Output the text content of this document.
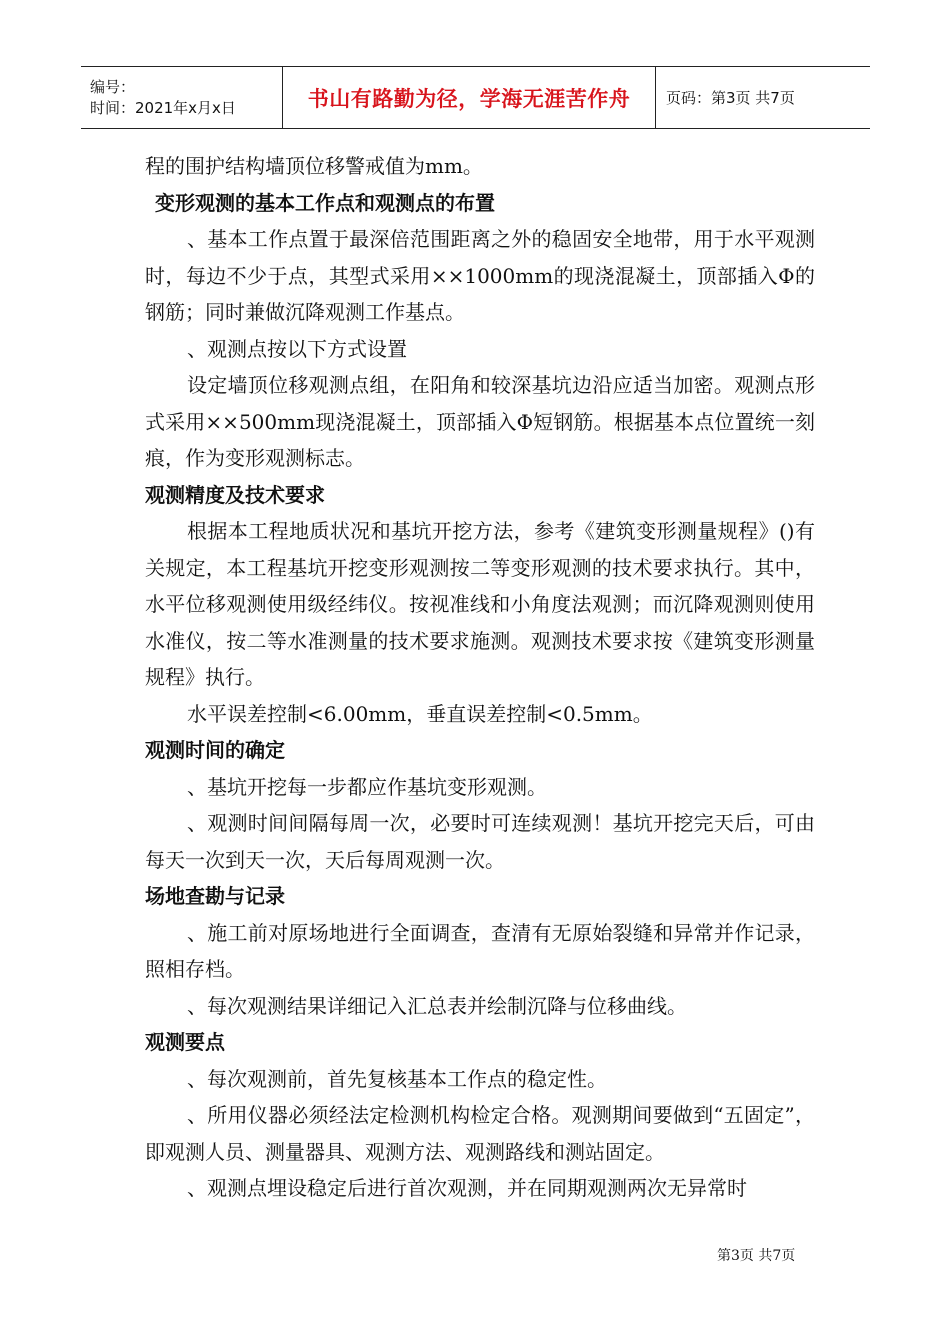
编号：
时间：2021年x月x日	书山有路勤为径，学海无涯苦作舟 页码：第3页 共7页

程的围护结构墙顶位移警戒值为mm。

变形观测的基本工作点和观测点的布置

、基本工作点置于最深倍范围距离之外的稳固安全地带，用于水平观测时，每边不少于点，其型式采用××1000mm的现浇混凝土，顶部插入Φ的钢筋；同时兼做沉降观测工作基点。

、观测点按以下方式设置

设定墙顶位移观测点组，在阳角和较深基坑边沿应适当加密。观测点形式采用××500mm现浇混凝土，顶部插入Φ短钢筋。根据基本点位置统一刻痕，作为变形观测标志。

观测精度及技术要求

根据本工程地质状况和基坑开挖方法，参考《建筑变形测量规程》()有关规定，本工程基坑开挖变形观测按二等变形观测的技术要求执行。其中，水平位移观测使用级经纬仪。按视准线和小角度法观测；而沉降观测则使用水准仪，按二等水准测量的技术要求施测。观测技术要求按《建筑变形测量规程》执行。

水平误差控制<6.00mm，垂直误差控制<0.5mm。

观测时间的确定

、基坑开挖每一步都应作基坑变形观测。

、观测时间间隔每周一次，必要时可连续观测！基坑开挖完天后，可由每天一次到天一次，天后每周观测一次。

场地查勘与记录

、施工前对原场地进行全面调查，查清有无原始裂缝和异常并作记录，照相存档。

、每次观测结果详细记入汇总表并绘制沉降与位移曲线。

观测要点

、每次观测前，首先复核基本工作点的稳定性。

、所用仪器必须经法定检测机构检定合格。观测期间要做到“五固定”，即观测人员、测量器具、观测方法、观测路线和测站固定。

、观测点埋设稳定后进行首次观测，并在同期观测两次无异常时

第3页 共7页
